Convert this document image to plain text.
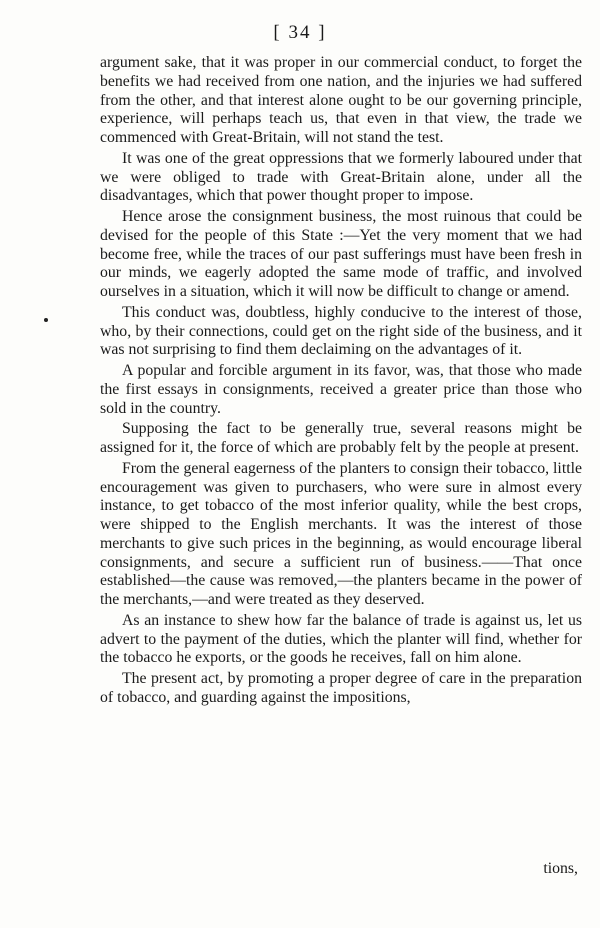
[ 34 ]

argument sake, that it was proper in our commercial conduct, to forget the benefits we had received from one nation, and the injuries we had suffered from the other, and that interest alone ought to be our governing principle, experience, will perhaps teach us, that even in that view, the trade we commenced with Great-Britain, will not stand the test.

It was one of the great oppressions that we formerly laboured under that we were obliged to trade with Great-Britain alone, under all the disadvantages, which that power thought proper to impose.

Hence arose the consignment business, the most ruinous that could be devised for the people of this State :—Yet the very moment that we had become free, while the traces of our past sufferings must have been fresh in our minds, we eagerly adopted the same mode of traffic, and involved ourselves in a situation, which it will now be difficult to change or amend.

This conduct was, doubtless, highly conducive to the interest of those, who, by their connections, could get on the right side of the business, and it was not surprising to find them declaiming on the advantages of it.

A popular and forcible argument in its favor, was, that those who made the first essays in consignments, received a greater price than those who sold in the country.

Supposing the fact to be generally true, several reasons might be assigned for it, the force of which are probably felt by the people at present.

From the general eagerness of the planters to consign their tobacco, little encouragement was given to purchasers, who were sure in almost every instance, to get tobacco of the most inferior quality, while the best crops, were shipped to the English merchants. It was the interest of those merchants to give such prices in the beginning, as would encourage liberal consignments, and secure a sufficient run of business.——That once established—the cause was removed,—the planters became in the power of the merchants,—and were treated as they deserved.

As an instance to shew how far the balance of trade is against us, let us advert to the payment of the duties, which the planter will find, whether for the tobacco he exports, or the goods he receives, fall on him alone.

The present act, by promoting a proper degree of care in the preparation of tobacco, and guarding against the impositions,

tions,
